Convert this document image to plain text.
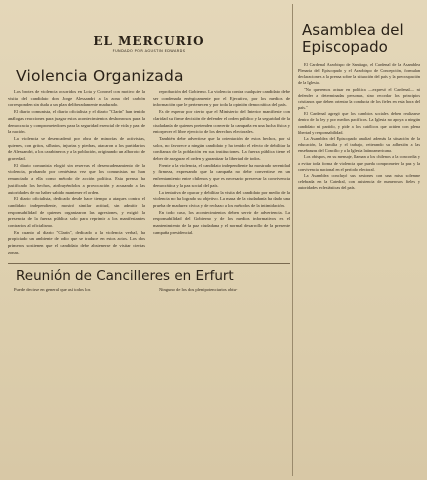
EL MERCURIO
FUNDADO POR AGUSTIN EDWARDS
Violencia Organizada

Los brotes de violencia ocurridos en Lota y Coronel con motivo de la visita del candidato don Jorge Alessandri a la zona del carbón corresponden sin duda a un plan deliberadamente madurado.

El diario comunista, el diario oficialista y el diario "Clarín" han tenido análogas reacciones para juzgar estos acontecimientos deshonrosos para la democracia y comprometedores para la seguridad esencial de vida y paz de la nación.

La violencia se desencadenó por obra de minorías de activistas, quienes, con gritos, silbatos, injurias y piedras, atacaron a los partidarios de Alessandri, a los carabineros y a la población, originando un alboroto de gravedad.

El diario comunista elogió sin reservas el desencadenamiento de la violencia, probando por centésima vez que los comunistas no han renunciado a ella como método de acción política. Esta prensa ha justificado los hechos, atribuyéndolos a provocación y acusando a las autoridades de no haber sabido mantener el orden.

El diario oficialista, dedicado desde hace tiempo a ataques contra el candidato independiente, mostró similar actitud, sin admitir la responsabilidad de quienes organizaron las agresiones, y exigió la presencia de la fuerza pública solo para reprimir a los manifestantes contrarios al oficialismo.

En cuanto al diario "Clarín", dedicado a la violencia verbal, ha propiciado un ambiente de odio que se traduce en estos actos. Los dos primeros sostienen que el candidato debe abstenerse de visitar ciertas zonas.

reprobación del Gobierno. La violencia contra cualquier candidato debe ser condenada enérgicamente por el Ejecutivo, por los medios de información que le pertenecen y por toda la opinión democrática del país.

Es de esperar por cierto que el Ministerio del Interior manifieste con claridad su firme decisión de defender el orden público y la seguridad de la ciudadanía de quienes pretenden convertir la campaña en una lucha física y entorpecer el libre ejercicio de los derechos electorales.

También debe advertirse que la orientación de estos hechos, por sí solos, no favorece a ningún candidato y ha tenido el efecto de debilitar la confianza de la población en sus instituciones. La fuerza pública tiene el deber de asegurar el orden y garantizar la libertad de todos.

Frente a la violencia, el candidato independiente ha mostrado serenidad y firmeza, expresando que la campaña no debe convertirse en un enfrentamiento entre chilenos y que es necesario preservar la convivencia democrática y la paz social del país.

La tentativa de opacar y debilitar la visita del candidato por medio de la violencia no ha logrado su objetivo. La masa de la ciudadanía ha dado una prueba de madurez cívica y de rechazo a los métodos de la intimidación.

En todo caso, los acontecimientos deben servir de advertencia. La responsabilidad del Gobierno y de los medios informativos es el mantenimiento de la paz ciudadana y el normal desarrollo de la presente campaña presidencial.

Reunión de Cancilleres en Erfurt

Puede decirse en general que así todos los	Ninguno de los dos plenipotenciarios obtu-

Asamblea del Episcopado

El Cardenal Arzobispo de Santiago, el Cardenal de la Asamblea Plenaria del Episcopado y el Arzobispo de Concepción, formulan declaraciones a la prensa sobre la situación del país y la preocupación de la Iglesia.

"No queremos actuar en política —expresó el Cardenal— ni defender a determinadas personas, sino recordar los principios cristianos que deben orientar la conducta de los fieles en esta hora del país."

El Cardenal agregó que los cambios sociales deben realizarse dentro de la ley y por medios pacíficos. La Iglesia no apoya a ningún candidato ni partido, y pide a los católicos que actúen con plena libertad y responsabilidad.

La Asamblea del Episcopado analizó además la situación de la educación, la familia y el trabajo, reiterando su adhesión a las enseñanzas del Concilio y a la Iglesia latinoamericana.

Los obispos, en su mensaje, llaman a los chilenos a la concordia y a evitar toda forma de violencia que pueda comprometer la paz y la convivencia nacional en el período electoral.

La Asamblea concluyó sus sesiones con una misa solemne celebrada en la Catedral, con asistencia de numerosos fieles y autoridades eclesiásticas del país.
